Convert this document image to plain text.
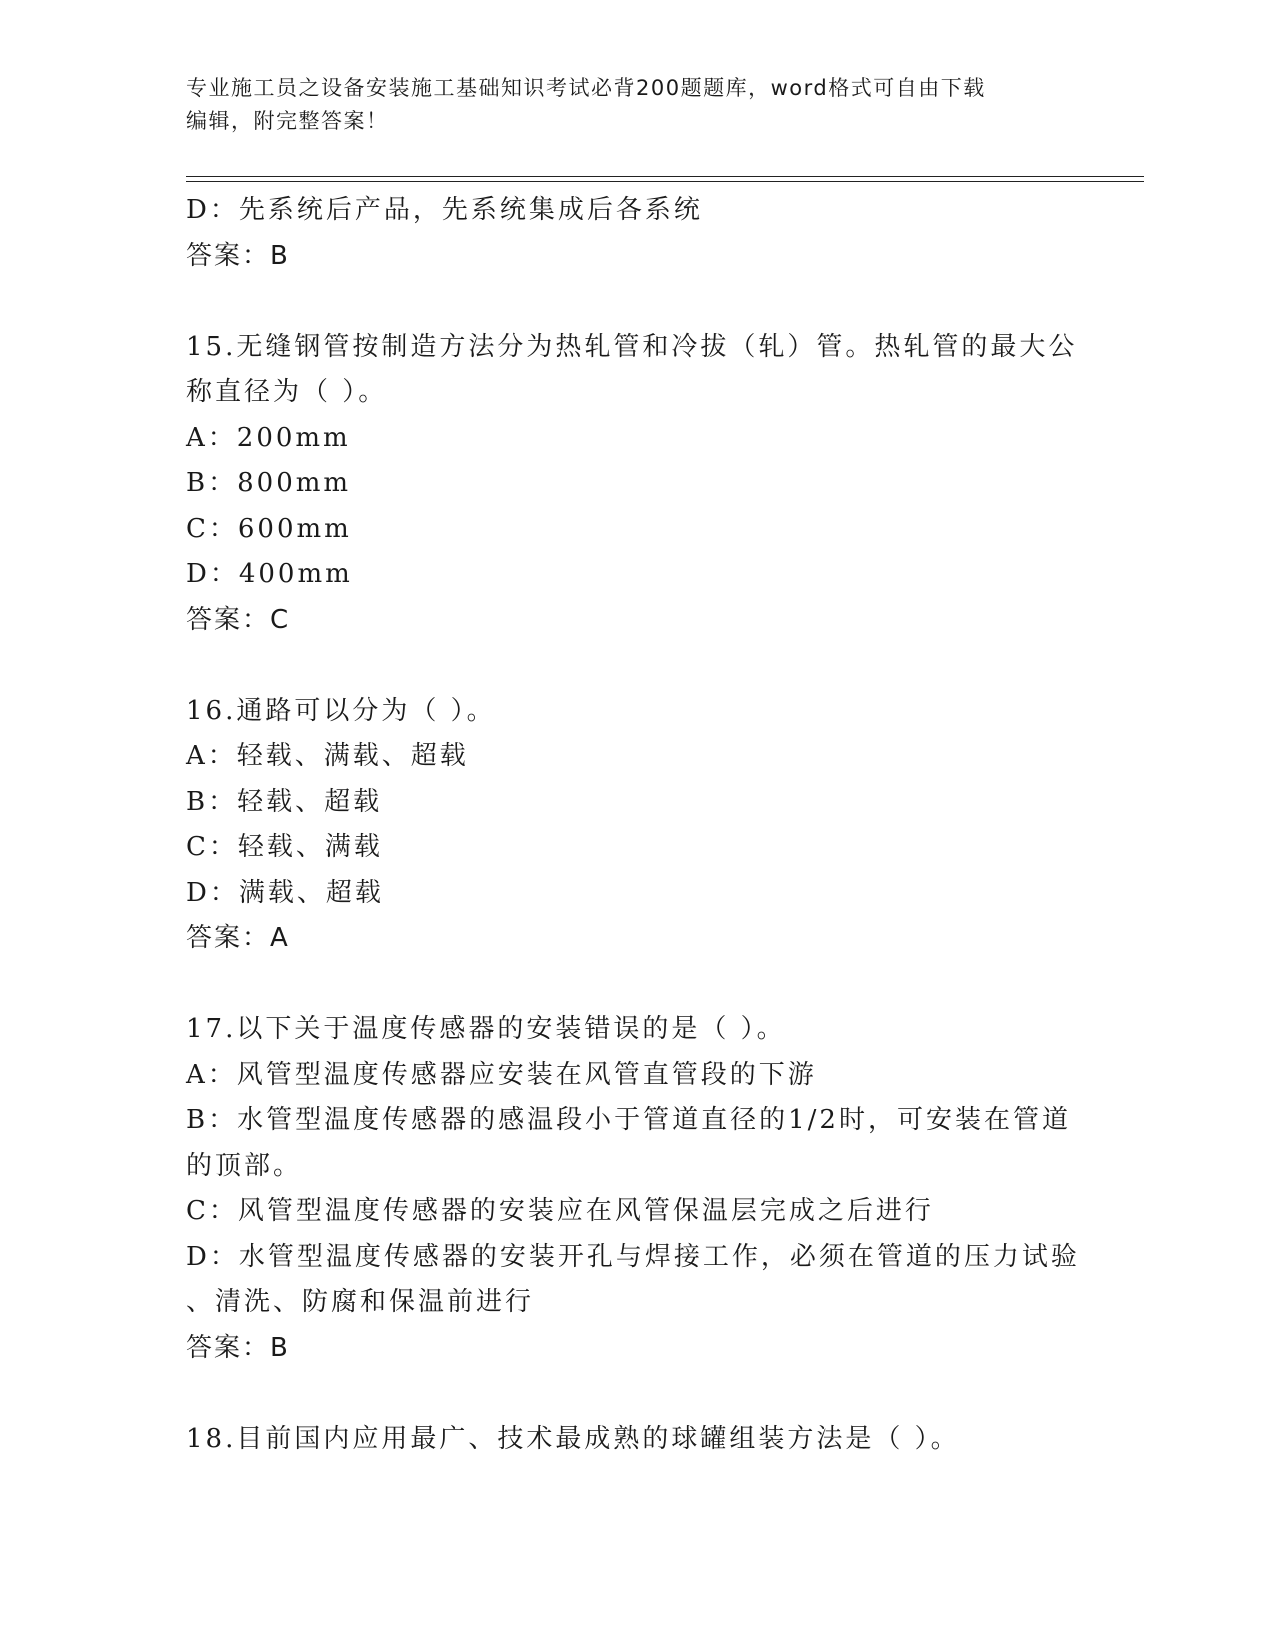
专业施工员之设备安装施工基础知识考试必背200题题库，word格式可自由下载
编辑，附完整答案！
D：先系统后产品，先系统集成后各系统
答案：B
15.无缝钢管按制造方法分为热轧管和冷拔（轧）管。热轧管的最大公
称直径为（ ）。
A：200mm
B：800mm
C：600mm
D：400mm
答案：C
16.通路可以分为（ ）。
A：轻载、满载、超载
B：轻载、超载
C：轻载、满载
D：满载、超载
答案：A
17.以下关于温度传感器的安装错误的是（ ）。
A：风管型温度传感器应安装在风管直管段的下游
B：水管型温度传感器的感温段小于管道直径的1/2时，可安装在管道
的顶部。
C：风管型温度传感器的安装应在风管保温层完成之后进行
D：水管型温度传感器的安装开孔与焊接工作，必须在管道的压力试验
、清洗、防腐和保温前进行
答案：B
18.目前国内应用最广、技术最成熟的球罐组装方法是（ ）。
